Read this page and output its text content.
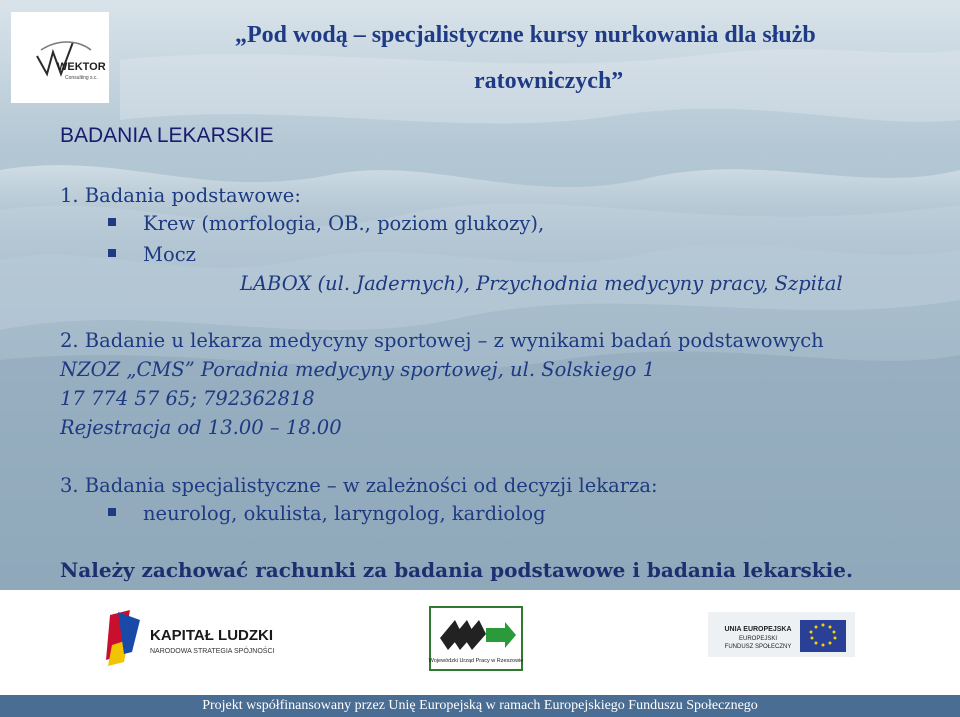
WEKTOR
Consulting s.c.
„Pod wodą – specjalistyczne kursy nurkowania dla służb
ratowniczych”
BADANIA LEKARSKIE
1. Badania podstawowe:
Krew (morfologia, OB., poziom glukozy),
Mocz
LABOX (ul. Jadernych), Przychodnia medycyny pracy, Szpital
2. Badanie u lekarza medycyny sportowej – z wynikami badań podstawowych
NZOZ „CMS” Poradnia medycyny sportowej, ul. Solskiego 1
17 774 57 65; 792362818
Rejestracja od 13.00 – 18.00
3. Badania specjalistyczne – w zależności od decyzji lekarza:
neurolog, okulista, laryngolog, kardiolog
Należy zachować rachunki za badania podstawowe i badania lekarskie.
KAPITAŁ LUDZKI
NARODOWA STRATEGIA SPÓJNOŚCI
Wojewódzki Urząd Pracy w Rzeszowie
UNIA EUROPEJSKA
EUROPEJSKI
FUNDUSZ SPOŁECZNY
Projekt współfinansowany przez Unię Europejską w ramach Europejskiego Funduszu Społecznego
